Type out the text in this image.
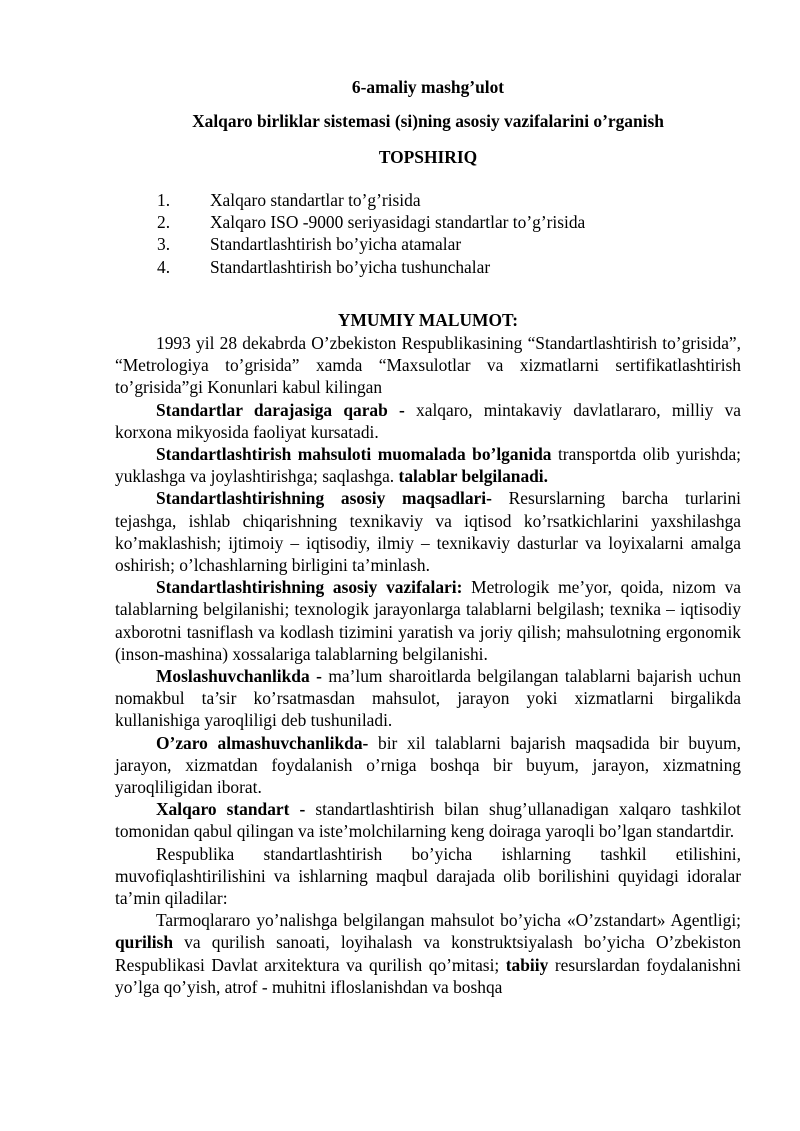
6-amaliy mashg’ulot
Xalqaro birliklar sistemasi (si)ning asosiy vazifalarini o’rganish
TOPSHIRIQ
1. Xalqaro standartlar to’g’risida
2. Xalqaro ISO -9000 seriyasidagi standartlar to’g’risida
3. Standartlashtirish bo’yicha atamalar
4. Standartlashtirish bo’yicha tushunchalar
YMUMIY MALUMOT:

1993 yil 28 dekabrda O’zbekiston Respublikasining “Standartlashtirish to’grisida”, “Metrologiya to’grisida” xamda “Maxsulotlar va xizmatlarni sertifikatlashtirish to’grisida”gi Konunlari kabul kilingan

Standartlar darajasiga qarab - xalqaro, mintakaviy davlatlararo, milliy va korxona mikyosida faoliyat kursatadi.

Standartlashtirish mahsuloti muomalada bo’lganida transportda olib yurishda; yuklashga va joylashtirishga; saqlashga. talablar belgilanadi.

Standartlashtirishning asosiy maqsadlari- Resurslarning barcha turlarini tejashga, ishlab chiqarishning texnikaviy va iqtisod ko’rsatkichlarini yaxshilashga ko’maklashish; ijtimoiy – iqtisodiy, ilmiy – texnikaviy dasturlar va loyixalarni amalga oshirish; o’lchashlarning birligini ta’minlash.

Standartlashtirishning asosiy vazifalari: Metrologik me’yor, qoida, nizom va talablarning belgilanishi; texnologik jarayonlarga talablarni belgilash; texnika – iqtisodiy axborotni tasniflash va kodlash tizimini yaratish va joriy qilish; mahsulotning ergonomik (inson-mashina) xossalariga talablarning belgilanishi.

Moslashuvchanlikda - ma’lum sharoitlarda belgilangan talablarni bajarish uchun nomakbul ta’sir ko’rsatmasdan mahsulot, jarayon yoki xizmatlarni birgalikda kullanishiga yaroqliligi deb tushuniladi.

O’zaro almashuvchanlikda- bir xil talablarni bajarish maqsadida bir buyum, jarayon, xizmatdan foydalanish o’rniga boshqa bir buyum, jarayon, xizmatning yaroqliligidan iborat.

Xalqaro standart - standartlashtirish bilan shug’ullanadigan xalqaro tashkilot tomonidan qabul qilingan va iste’molchilarning keng doiraga yaroqli bo’lgan standartdir.

Respublika standartlashtirish bo’yicha ishlarning tashkil etilishini, muvofiqlashtirilishini va ishlarning maqbul darajada olib borilishini quyidagi idoralar ta’min qiladilar:

Tarmoqlararo yo’nalishga belgilangan mahsulot bo’yicha «O’zstandart» Agentligi; qurilish va qurilish sanoati, loyihalash va konstruktsiyalash bo’yicha O’zbekiston Respublikasi Davlat arxitektura va qurilish qo’mitasi; tabiiy resurslardan foydalanishni yo’lga qo’yish, atrof - muhitni ifloslanishdan va boshqa
